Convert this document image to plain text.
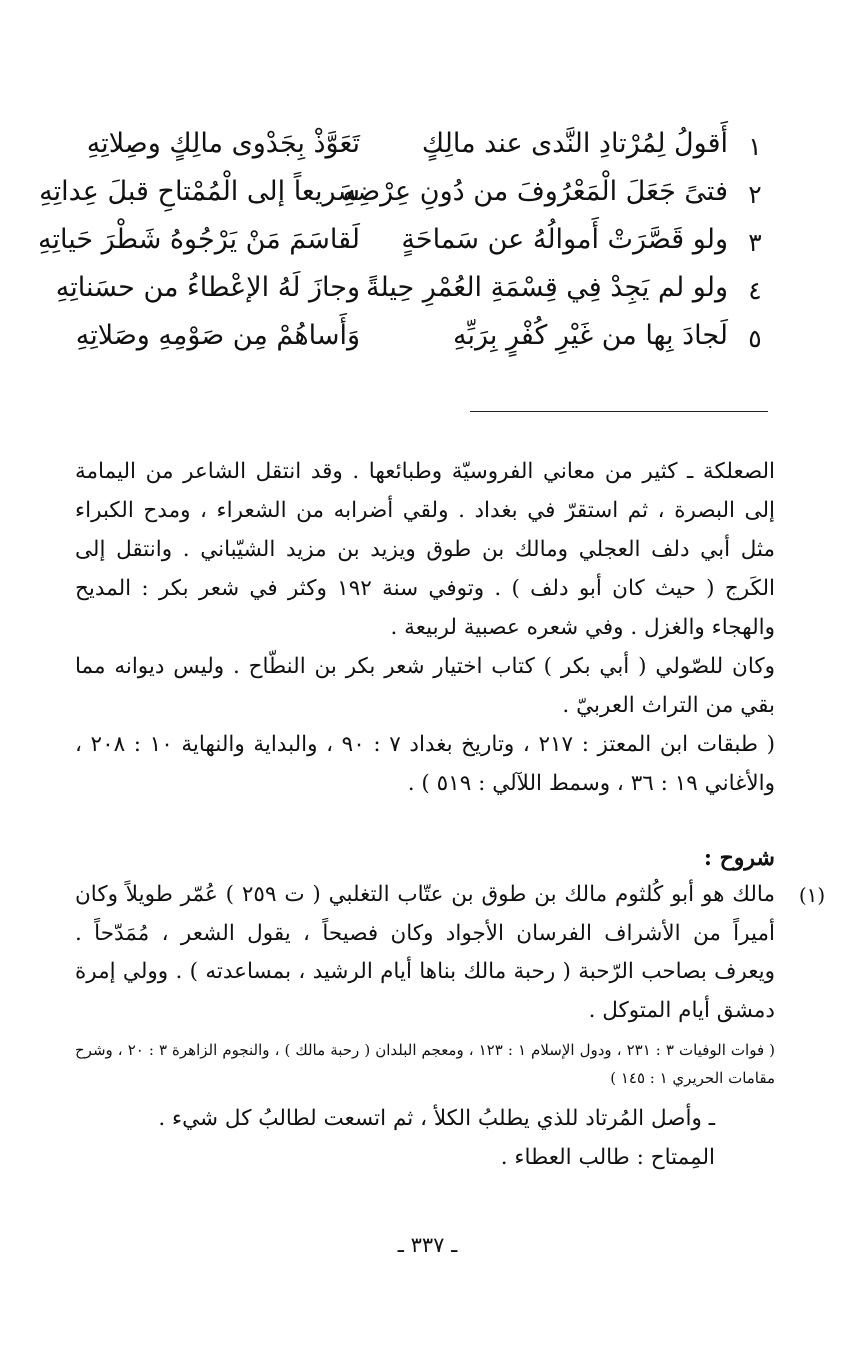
١
أَقولُ لِمُرْتادِ النَّدى عند مالِكٍ
تَعَوَّذْ بِجَدْوى مالِكٍ وصِلاتِهِ
٢
فتىً جَعَلَ الْمَعْرُوفَ من دُونِ عِرْضِهِ
سَريعاً إلى الْمُمْتاحِ قبلَ عِداتِهِ
٣
ولو قَصَّرَتْ أَموالُهُ عن سَماحَةٍ
لَقاسَمَ مَنْ يَرْجُوهُ شَطْرَ حَياتِهِ
٤
ولو لم يَجِدْ فِي قِسْمَةِ العُمْرِ حِيلةً
وجازَ لَهُ الإعْطاءُ من حسَناتِهِ
٥
لَجادَ بِها من غَيْرِ كُفْرٍ بِرَبِّهِ
وَأَساهُمْ مِن صَوْمِهِ وصَلاتِهِ

الصعلكة ـ كثير من معاني الفروسيّة وطبائعها . وقد انتقل الشاعر من اليمامة إلى البصرة ، ثم استقرّ في بغداد . ولقي أضرابه من الشعراء ، ومدح الكبراء مثل أبي دلف العجلي ومالك بن طوق ويزيد بن مزيد الشيّباني . وانتقل إلى الكَرج ( حيث كان أبو دلف ) . وتوفي سنة ١٩٢ وكثر في شعر بكر : المديح والهجاء والغزل . وفي شعره عصبية لربيعة .

وكان للصّولي ( أبي بكر ) كتاب اختيار شعر بكر بن النطّاح . وليس ديوانه مما بقي من التراث العربيّ .

( طبقات ابن المعتز : ٢١٧ ، وتاريخ بغداد ٧ : ٩٠ ، والبداية والنهاية ١٠ : ٢٠٨ ، والأغاني ١٩ : ٣٦ ، وسمط اللآلي : ٥١٩ ) .

شروح :

(١)

مالك هو أبو كُلثوم مالك بن طوق بن عتّاب التغلبي ( ت ٢٥٩ ) عُمّر طويلاً وكان أميراً من الأشراف الفرسان الأجواد وكان فصيحاً ، يقول الشعر ، مُمَدّحاً . ويعرف بصاحب الرّحبة ( رحبة مالك بناها أيام الرشيد ، بمساعدته ) . وولي إمرة دمشق أيام المتوكل .

( فوات الوفيات ٣ : ٢٣١ ، ودول الإسلام ١ : ١٢٣ ، ومعجم البلدان ( رحبة مالك ) ، والنجوم الزاهرة ٣ : ٢٠ ، وشرح مقامات الحريري ١ : ١٤٥ )

ـ وأصل المُرتاد للذي يطلبُ الكلأ ، ثم اتسعت لطالبُ كل شيء .

المِمتاح : طالب العطاء .

ـ ٣٣٧ ـ
